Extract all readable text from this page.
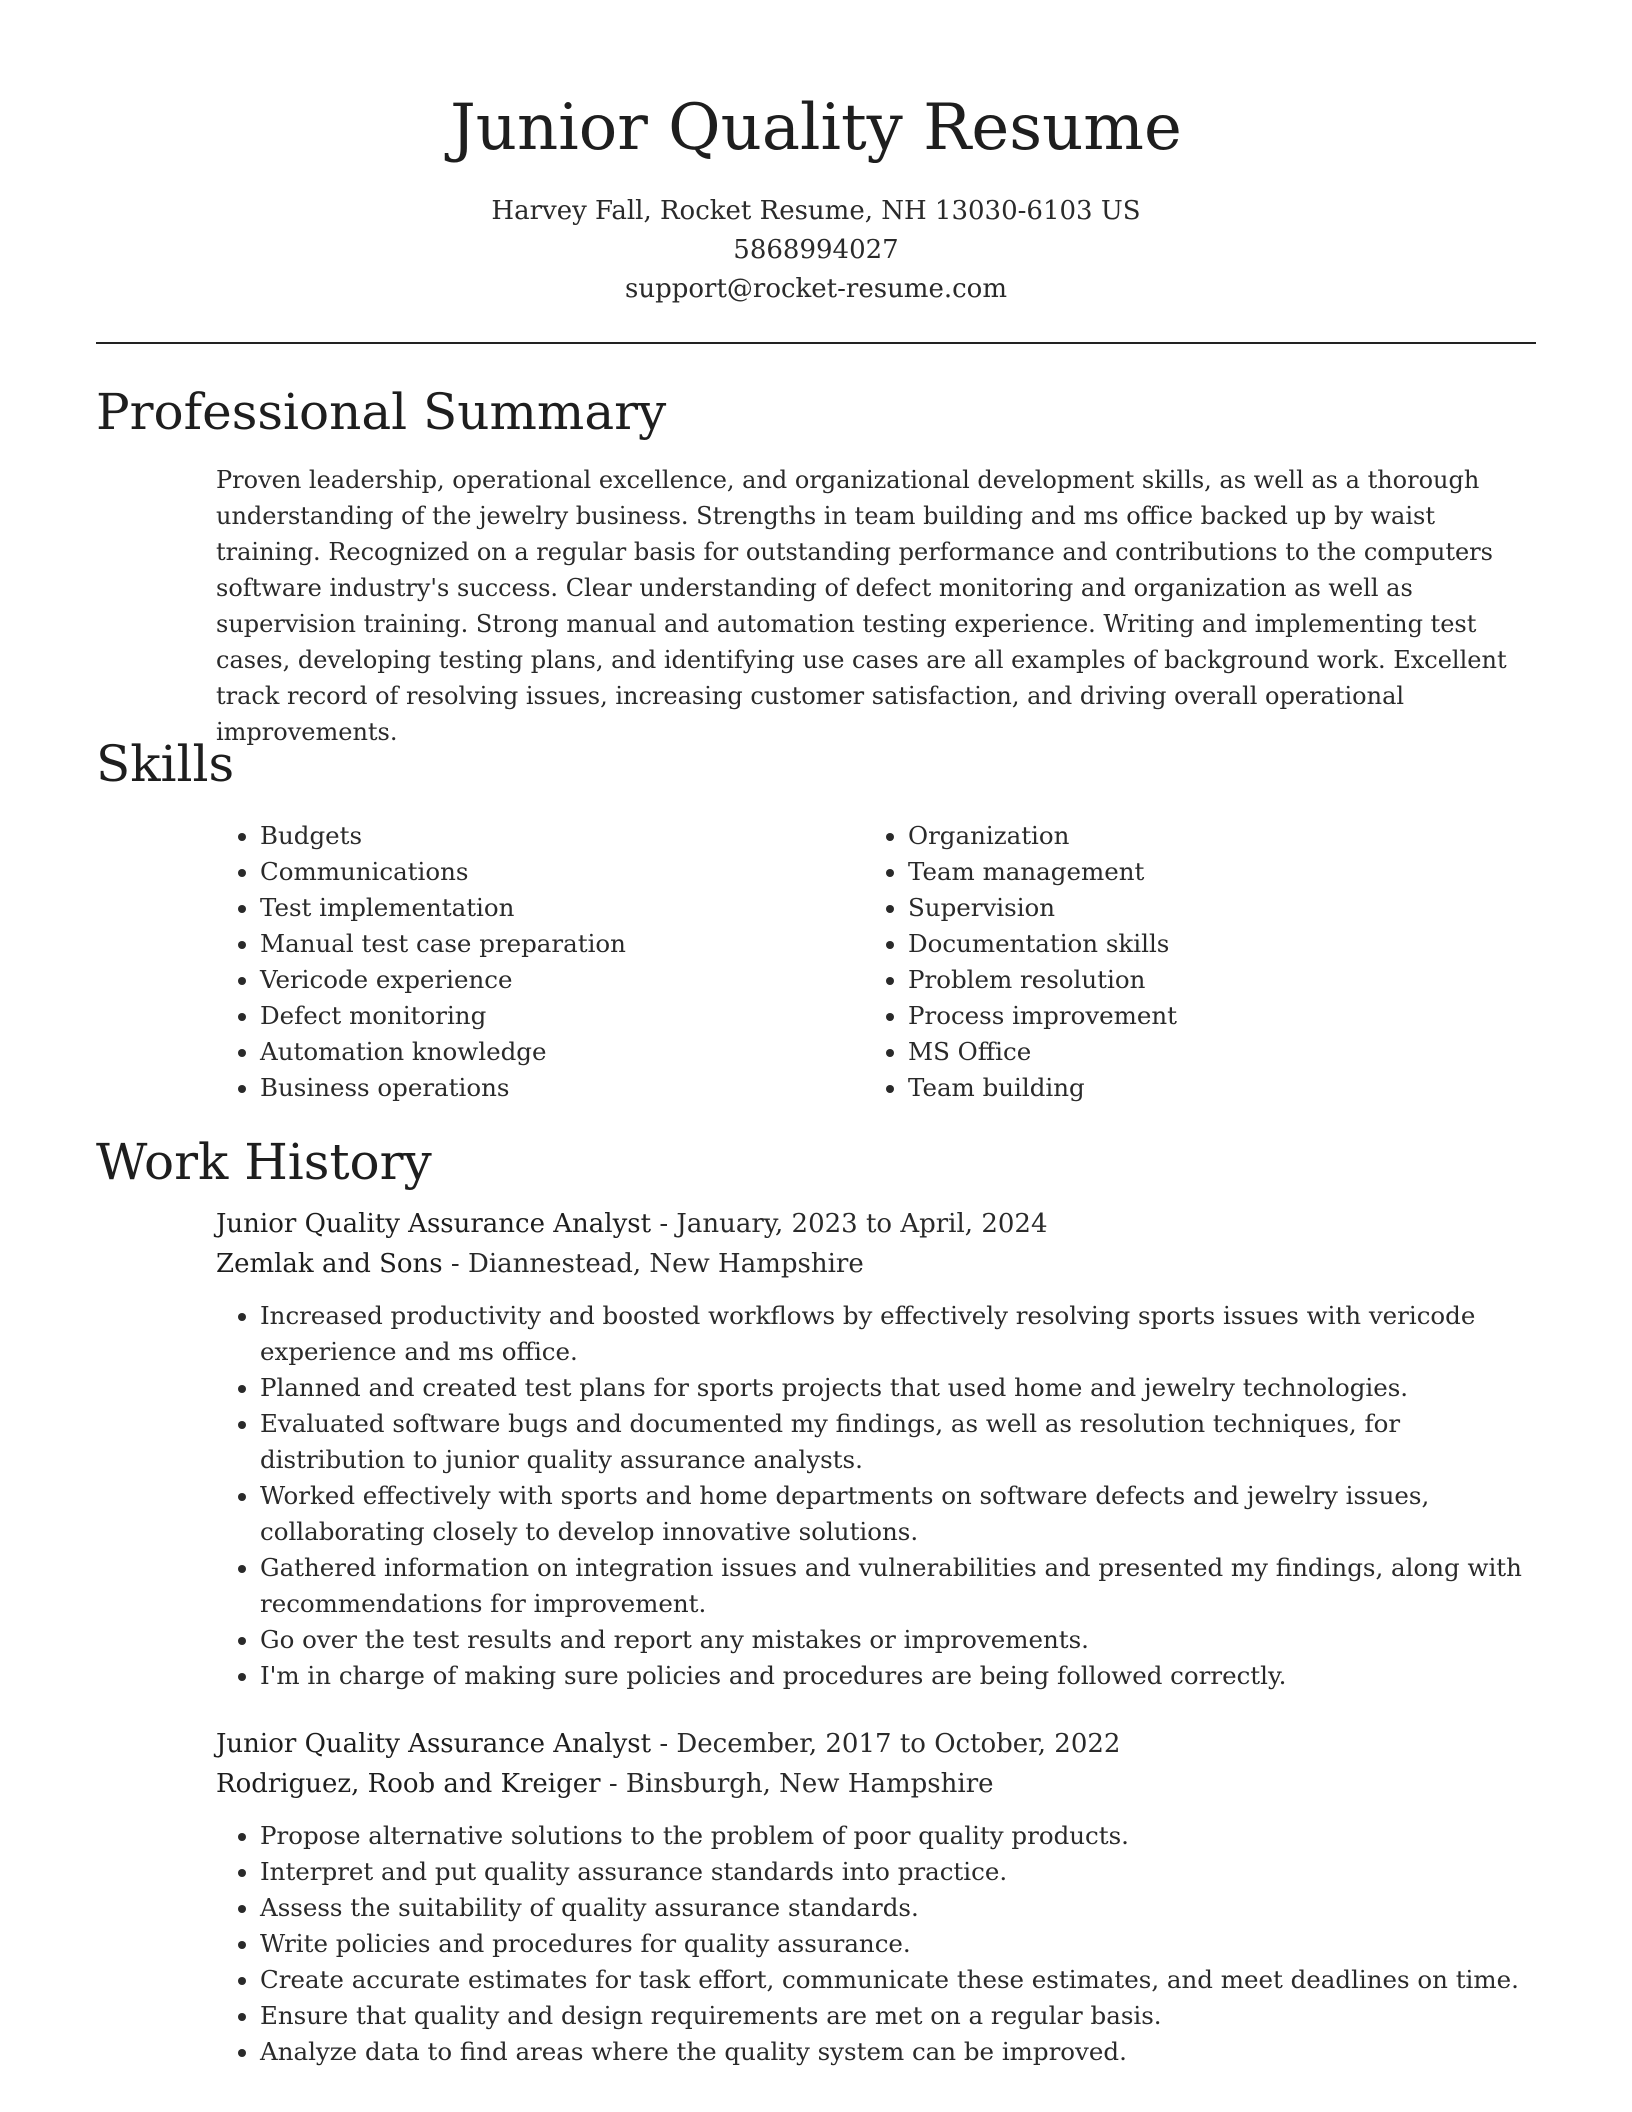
Junior Quality Resume
Harvey Fall, Rocket Resume, NH 13030-6103 US
5868994027
support@rocket-resume.com
Professional Summary

Proven leadership, operational excellence, and organizational development skills, as well as a thorough understanding of the jewelry business. Strengths in team building and ms office backed up by waist training. Recognized on a regular basis for outstanding performance and contributions to the computers software industry's success. Clear understanding of defect monitoring and organization as well as supervision training. Strong manual and automation testing experience. Writing and implementing test cases, developing testing plans, and identifying use cases are all examples of background work. Excellent track record of resolving issues, increasing customer satisfaction, and driving overall operational improvements.

Skills
• Budgets
• Communications
• Test implementation
• Manual test case preparation
• Vericode experience
• Defect monitoring
• Automation knowledge
• Business operations
• Organization
• Team management
• Supervision
• Documentation skills
• Problem resolution
• Process improvement
• MS Office
• Team building
Work History
Junior Quality Assurance Analyst - January, 2023 to April, 2024
Zemlak and Sons - Diannestead, New Hampshire
• Increased productivity and boosted workflows by effectively resolving sports issues with vericode experience and ms office.
• Planned and created test plans for sports projects that used home and jewelry technologies.
• Evaluated software bugs and documented my findings, as well as resolution techniques, for distribution to junior quality assurance analysts.
• Worked effectively with sports and home departments on software defects and jewelry issues, collaborating closely to develop innovative solutions.
• Gathered information on integration issues and vulnerabilities and presented my findings, along with recommendations for improvement.
• Go over the test results and report any mistakes or improvements.
• I'm in charge of making sure policies and procedures are being followed correctly.
Junior Quality Assurance Analyst - December, 2017 to October, 2022
Rodriguez, Roob and Kreiger - Binsburgh, New Hampshire
• Propose alternative solutions to the problem of poor quality products.
• Interpret and put quality assurance standards into practice.
• Assess the suitability of quality assurance standards.
• Write policies and procedures for quality assurance.
• Create accurate estimates for task effort, communicate these estimates, and meet deadlines on time.
• Ensure that quality and design requirements are met on a regular basis.
• Analyze data to find areas where the quality system can be improved.
